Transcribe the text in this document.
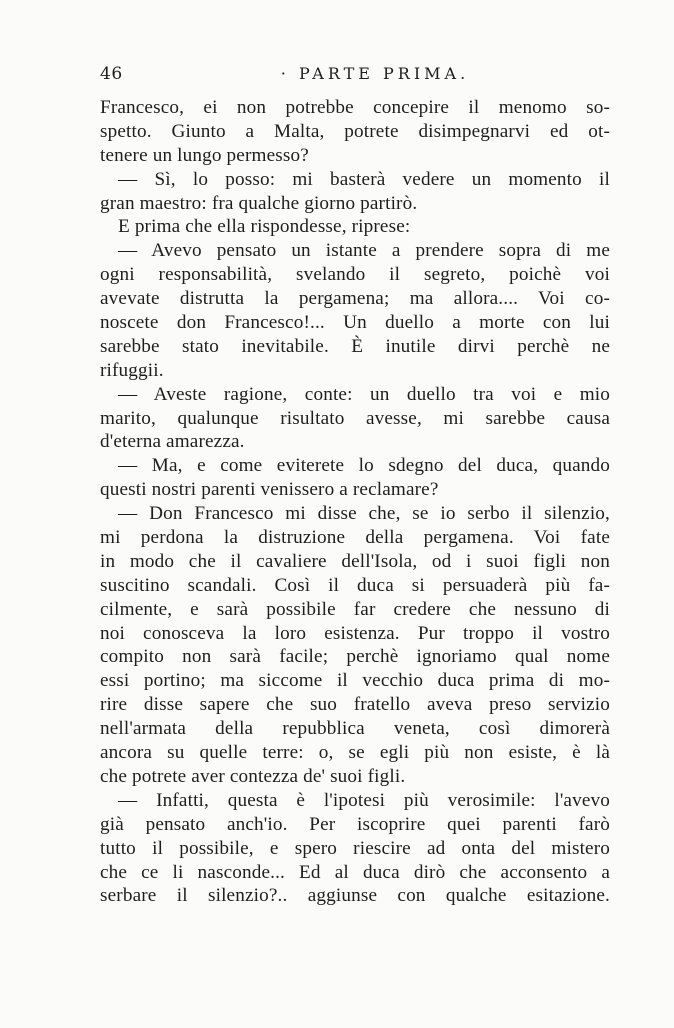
46	· PARTE PRIMA.
Francesco, ei non potrebbe concepire il menomo so-
spetto. Giunto a Malta, potrete disimpegnarvi ed ot-
tenere un lungo permesso?
— Sì, lo posso: mi basterà vedere un momento il
gran maestro: fra qualche giorno partirò.
E prima che ella rispondesse, riprese:
— Avevo pensato un istante a prendere sopra di me
ogni responsabilità, svelando il segreto, poichè voi
avevate distrutta la pergamena; ma allora.... Voi co-
noscete don Francesco!... Un duello a morte con lui
sarebbe stato inevitabile. È inutile dirvi perchè ne
rifuggii.
— Aveste ragione, conte: un duello tra voi e mio
marito, qualunque risultato avesse, mi sarebbe causa
d'eterna amarezza.
— Ma, e come eviterete lo sdegno del duca, quando
questi nostri parenti venissero a reclamare?
— Don Francesco mi disse che, se io serbo il silenzio,
mi perdona la distruzione della pergamena. Voi fate
in modo che il cavaliere dell'Isola, od i suoi figli non
suscitino scandali. Così il duca si persuaderà più fa-
cilmente, e sarà possibile far credere che nessuno di
noi conosceva la loro esistenza. Pur troppo il vostro
compito non sarà facile; perchè ignoriamo qual nome
essi portino; ma siccome il vecchio duca prima di mo-
rire disse sapere che suo fratello aveva preso servizio
nell'armata della repubblica veneta, così dimorerà
ancora su quelle terre: o, se egli più non esiste, è là
che potrete aver contezza de' suoi figli.
— Infatti, questa è l'ipotesi più verosimile: l'avevo
già pensato anch'io. Per iscoprire quei parenti farò
tutto il possibile, e spero riescire ad onta del mistero
che ce li nasconde... Ed al duca dirò che acconsento a
serbare il silenzio?.. aggiunse con qualche esitazione.
